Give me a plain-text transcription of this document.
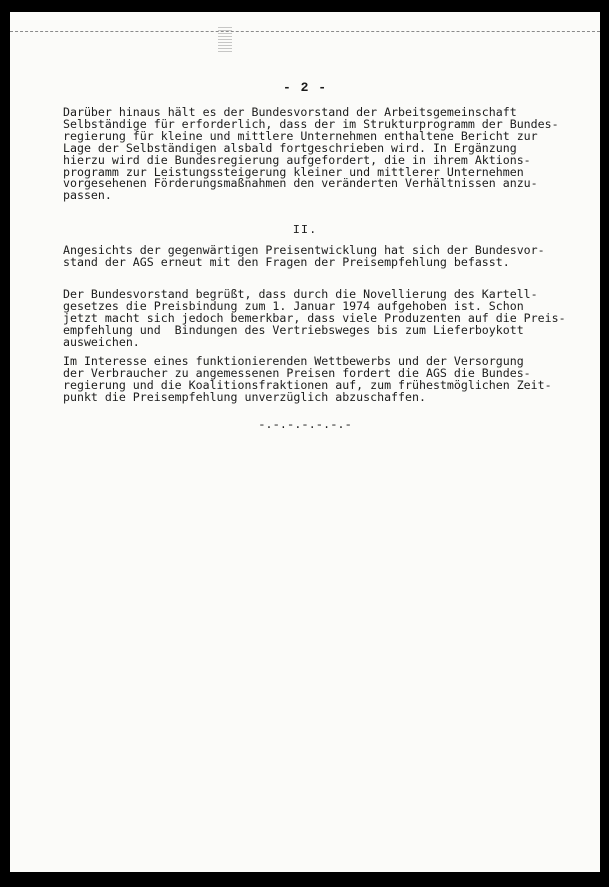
- 2 -
Darüber hinaus hält es der Bundesvorstand der Arbeitsgemeinschaft
Selbständige für erforderlich, dass der im Strukturprogramm der Bundes-
regierung für kleine und mittlere Unternehmen enthaltene Bericht zur
Lage der Selbständigen alsbald fortgeschrieben wird. In Ergänzung
hierzu wird die Bundesregierung aufgefordert, die in ihrem Aktions-
programm zur Leistungssteigerung kleiner und mittlerer Unternehmen
vorgesehenen Förderungsmaßnahmen den veränderten Verhältnissen anzu-
passen.
II.
Angesichts der gegenwärtigen Preisentwicklung hat sich der Bundesvor-
stand der AGS erneut mit den Fragen der Preisempfehlung befasst.
Der Bundesvorstand begrüßt, dass durch die Novellierung des Kartell-
gesetzes die Preisbindung zum 1. Januar 1974 aufgehoben ist. Schon
jetzt macht sich jedoch bemerkbar, dass viele Produzenten auf die Preis-
empfehlung und  Bindungen des Vertriebsweges bis zum Lieferboykott
ausweichen.
Im Interesse eines funktionierenden Wettbewerbs und der Versorgung
der Verbraucher zu angemessenen Preisen fordert die AGS die Bundes-
regierung und die Koalitionsfraktionen auf, zum frühestmöglichen Zeit-
punkt die Preisempfehlung unverzüglich abzuschaffen.
-.-.-.-.-.-.-
